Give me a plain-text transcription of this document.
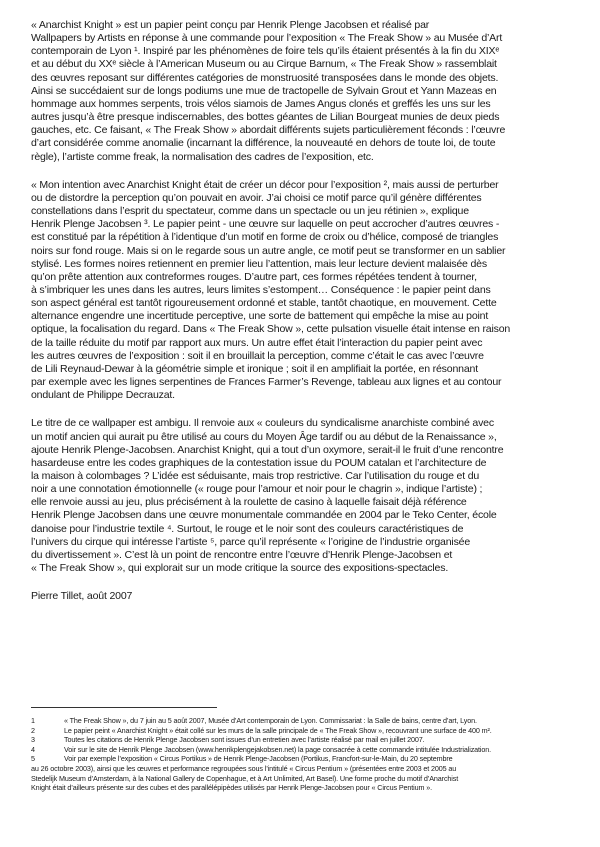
« Anarchist Knight » est un papier peint conçu par Henrik Plenge Jacobsen et réalisé par
Wallpapers by Artists en réponse à une commande pour l’exposition « The Freak Show » au Musée d’Art
contemporain de Lyon ¹. Inspiré par les phénomènes de foire tels qu’ils étaient présentés à la fin du XIXᵉ
et au début du XXᵉ siècle à l’American Museum ou au Cirque Barnum, « The Freak Show » rassemblait
des œuvres reposant sur différentes catégories de monstruosité transposées dans le monde des objets.
Ainsi se succédaient sur de longs podiums une mue de tractopelle de Sylvain Grout et Yann Mazeas en
hommage aux hommes serpents, trois vélos siamois de James Angus clonés et greffés les uns sur les
autres jusqu’à être presque indiscernables, des bottes géantes de Lilian Bourgeat munies de deux pieds
gauches, etc. Ce faisant, « The Freak Show » abordait différents sujets particulièrement féconds : l’œuvre
d’art considérée comme anomalie (incarnant la différence, la nouveauté en dehors de toute loi, de toute
règle), l’artiste comme freak, la normalisation des cadres de l’exposition, etc.

« Mon intention avec Anarchist Knight était de créer un décor pour l’exposition ², mais aussi de perturber
ou de distordre la perception qu’on pouvait en avoir. J’ai choisi ce motif parce qu’il génère différentes
constellations dans l’esprit du spectateur, comme dans un spectacle ou un jeu rétinien », explique
Henrik Plenge Jacobsen ³. Le papier peint - une œuvre sur laquelle on peut accrocher d’autres œuvres -
est constitué par la répétition à l’identique d’un motif en forme de croix ou d’hélice, composé de triangles
noirs sur fond rouge. Mais si on le regarde sous un autre angle, ce motif peut se transformer en un sablier
stylisé. Les formes noires retiennent en premier lieu l’attention, mais leur lecture devient malaisée dès
qu’on prête attention aux contreformes rouges. D’autre part, ces formes répétées tendent à tourner,
à s’imbriquer les unes dans les autres, leurs limites s’estompent… Conséquence : le papier peint dans
son aspect général est tantôt rigoureusement ordonné et stable, tantôt chaotique, en mouvement. Cette
alternance engendre une incertitude perceptive, une sorte de battement qui empêche la mise au point
optique, la focalisation du regard. Dans « The Freak Show », cette pulsation visuelle était intense en raison
de la taille réduite du motif par rapport aux murs. Un autre effet était l’interaction du papier peint avec
les autres œuvres de l’exposition : soit il en brouillait la perception, comme c’était le cas avec l’œuvre
de Lili Reynaud-Dewar à la géométrie simple et ironique ; soit il en amplifiait la portée, en résonnant
par exemple avec les lignes serpentines de Frances Farmer’s Revenge, tableau aux lignes et au contour
ondulant de Philippe Decrauzat.

Le titre de ce wallpaper est ambigu. Il renvoie aux « couleurs du syndicalisme anarchiste combiné avec
un motif ancien qui aurait pu être utilisé au cours du Moyen Âge tardif ou au début de la Renaissance »,
ajoute Henrik Plenge-Jacobsen. Anarchist Knight, qui a tout d’un oxymore, serait-il le fruit d’une rencontre
hasardeuse entre les codes graphiques de la contestation issue du POUM catalan et l’architecture de
la maison à colombages ? L’idée est séduisante, mais trop restrictive. Car l’utilisation du rouge et du
noir a une connotation émotionnelle (« rouge pour l’amour et noir pour le chagrin », indique l’artiste) ;
elle renvoie aussi au jeu, plus précisément à la roulette de casino à laquelle faisait déjà référence
Henrik Plenge Jacobsen dans une œuvre monumentale commandée en 2004 par le Teko Center, école
danoise pour l’industrie textile ⁴. Surtout, le rouge et le noir sont des couleurs caractéristiques de
l’univers du cirque qui intéresse l’artiste ⁵, parce qu’il représente « l’origine de l’industrie organisée
du divertissement ». C’est là un point de rencontre entre l’œuvre d’Henrik Plenge-Jacobsen et
« The Freak Show », qui explorait sur un mode critique la source des expositions-spectacles.

Pierre Tillet, août 2007

1	« The Freak Show », du 7 juin au 5 août 2007, Musée d’Art contemporain de Lyon. Commissariat : la Salle de bains, centre d’art, Lyon.
2	Le papier peint « Anarchist Knight » était collé sur les murs de la salle principale de « The Freak Show », recouvrant une surface de 400 m².
3	Toutes les citations de Henrik Plenge Jacobsen sont issues d’un entretien avec l’artiste réalisé par mail en juillet 2007.
4	Voir sur le site de Henrik Plenge Jacobsen (www.henrikplengejakobsen.net) la page consacrée à cette commande intitulée Industrialization.
5	Voir par exemple l’exposition « Circus Portikus » de Henrik Plenge-Jacobsen (Portikus, Francfort-sur-le-Main, du 20 septembre
au 26 octobre 2003), ainsi que les œuvres et performance regroupées sous l’intitulé « Circus Pentium » (présentées entre 2003 et 2005 au
Stedelijk Museum d’Amsterdam, à la National Gallery de Copenhague, et à Art Unlimited, Art Basel). Une forme proche du motif d’Anarchist
Knight était d’ailleurs présente sur des cubes et des parallélépipèdes utilisés par Henrik Plenge-Jacobsen pour « Circus Pentium ».
